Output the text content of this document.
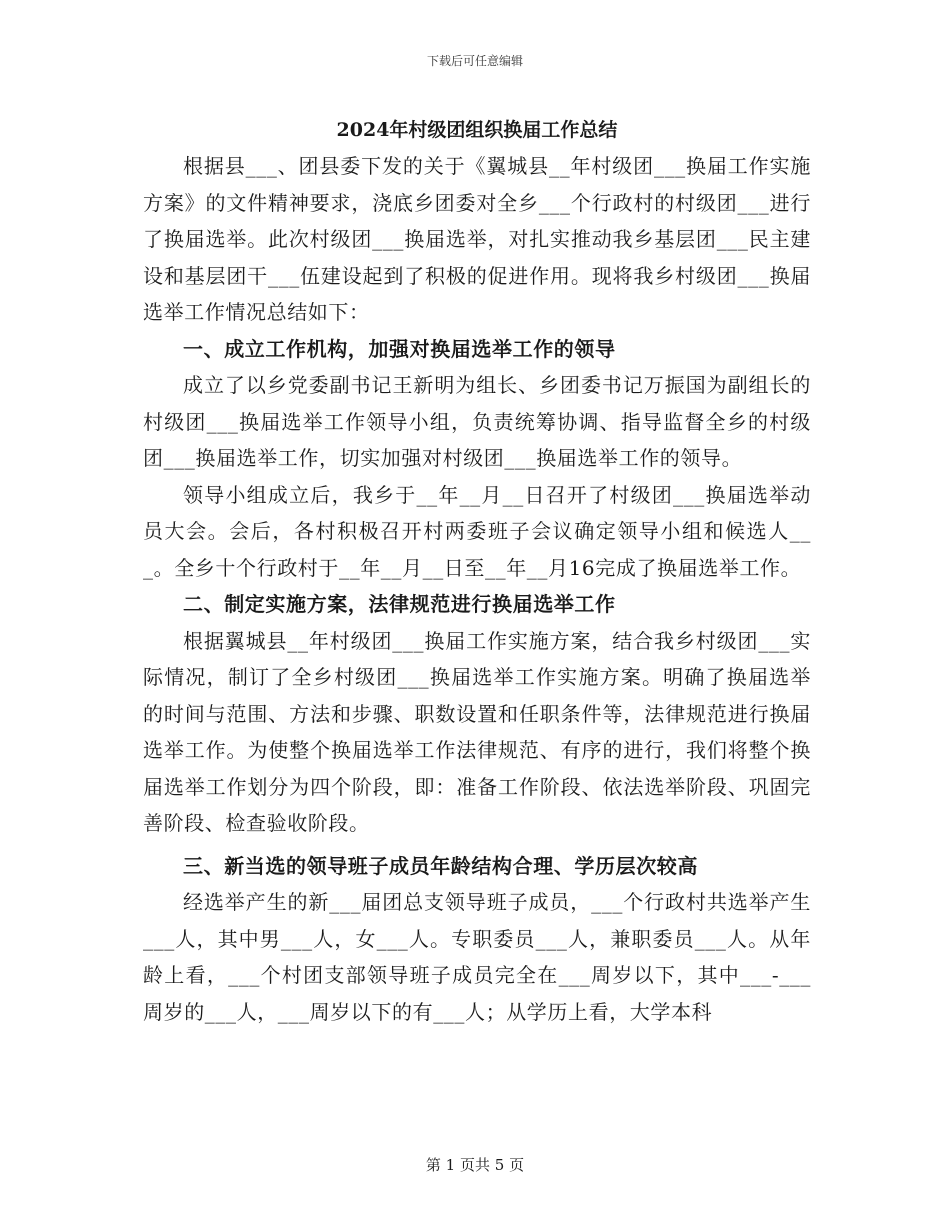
下载后可任意编辑
2024年村级团组织换届工作总结

根据县___、团县委下发的关于《翼城县__年村级团___换届工作实施方案》的文件精神要求，浇底乡团委对全乡___个行政村的村级团___进行了换届选举。此次村级团___换届选举，对扎实推动我乡基层团___民主建设和基层团干___伍建设起到了积极的促进作用。现将我乡村级团___换届选举工作情况总结如下：

一、成立工作机构，加强对换届选举工作的领导

成立了以乡党委副书记王新明为组长、乡团委书记万振国为副组长的村级团___换届选举工作领导小组，负责统筹协调、指导监督全乡的村级团___换届选举工作，切实加强对村级团___换届选举工作的领导。

领导小组成立后，我乡于__年__月__日召开了村级团___换届选举动员大会。会后，各村积极召开村两委班子会议确定领导小组和候选人___。全乡十个行政村于__年__月__日至__年__月16完成了换届选举工作。

二、制定实施方案，法律规范进行换届选举工作

根据翼城县__年村级团___换届工作实施方案，结合我乡村级团___实际情况，制订了全乡村级团___换届选举工作实施方案。明确了换届选举的时间与范围、方法和步骤、职数设置和任职条件等，法律规范进行换届选举工作。为使整个换届选举工作法律规范、有序的进行，我们将整个换届选举工作划分为四个阶段，即：准备工作阶段、依法选举阶段、巩固完善阶段、检查验收阶段。

三、新当选的领导班子成员年龄结构合理、学历层次较高

经选举产生的新___届团总支领导班子成员，___个行政村共选举产生___人，其中男___人，女___人。专职委员___人，兼职委员___人。从年龄上看，___个村团支部领导班子成员完全在___周岁以下，其中___-___周岁的___人，___周岁以下的有___人；从学历上看，大学本科

第 1 页共 5 页
